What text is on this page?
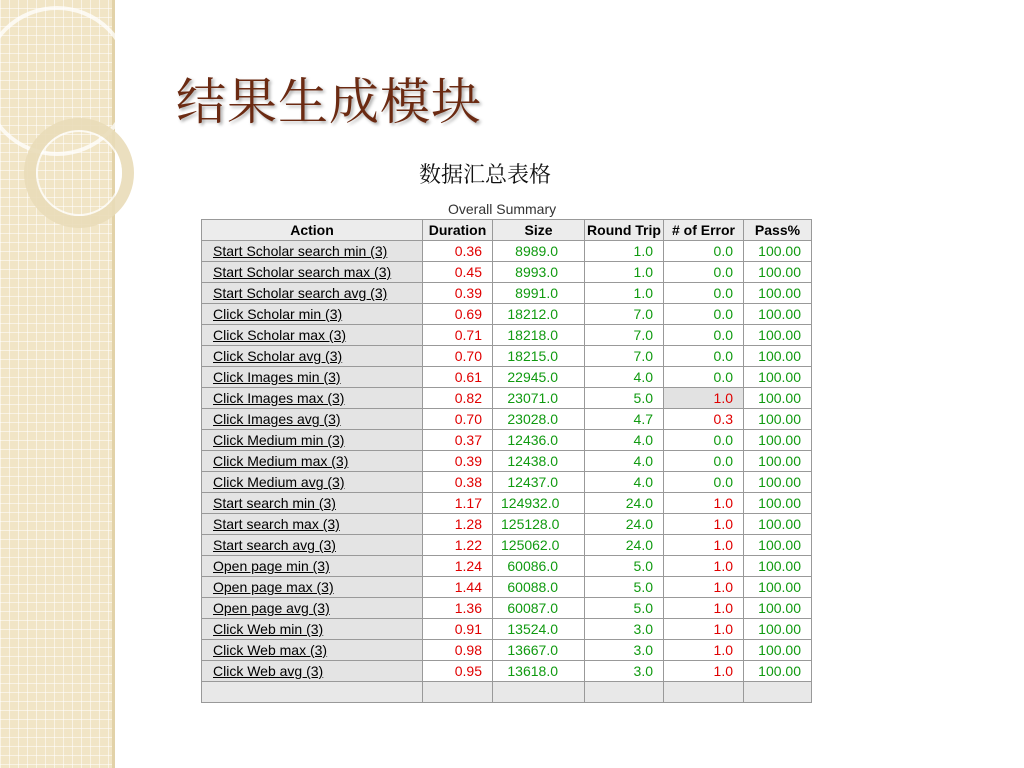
结果生成模块
数据汇总表格
Overall Summary
Action	Duration	Size	Round Trip	# of Error	Pass%
Start Scholar search min (3)	0.36	8989.0	1.0	0.0	100.00
Start Scholar search max (3)	0.45	8993.0	1.0	0.0	100.00
Start Scholar search avg (3)	0.39	8991.0	1.0	0.0	100.00
Click Scholar min (3)	0.69	18212.0	7.0	0.0	100.00
Click Scholar max (3)	0.71	18218.0	7.0	0.0	100.00
Click Scholar avg (3)	0.70	18215.0	7.0	0.0	100.00
Click Images min (3)	0.61	22945.0	4.0	0.0	100.00
Click Images max (3)	0.82	23071.0	5.0	1.0	100.00
Click Images avg (3)	0.70	23028.0	4.7	0.3	100.00
Click Medium min (3)	0.37	12436.0	4.0	0.0	100.00
Click Medium max (3)	0.39	12438.0	4.0	0.0	100.00
Click Medium avg (3)	0.38	12437.0	4.0	0.0	100.00
Start search min (3)	1.17	124932.0	24.0	1.0	100.00
Start search max (3)	1.28	125128.0	24.0	1.0	100.00
Start search avg (3)	1.22	125062.0	24.0	1.0	100.00
Open page min (3)	1.24	60086.0	5.0	1.0	100.00
Open page max (3)	1.44	60088.0	5.0	1.0	100.00
Open page avg (3)	1.36	60087.0	5.0	1.0	100.00
Click Web min (3)	0.91	13524.0	3.0	1.0	100.00
Click Web max (3)	0.98	13667.0	3.0	1.0	100.00
Click Web avg (3)	0.95	13618.0	3.0	1.0	100.00
